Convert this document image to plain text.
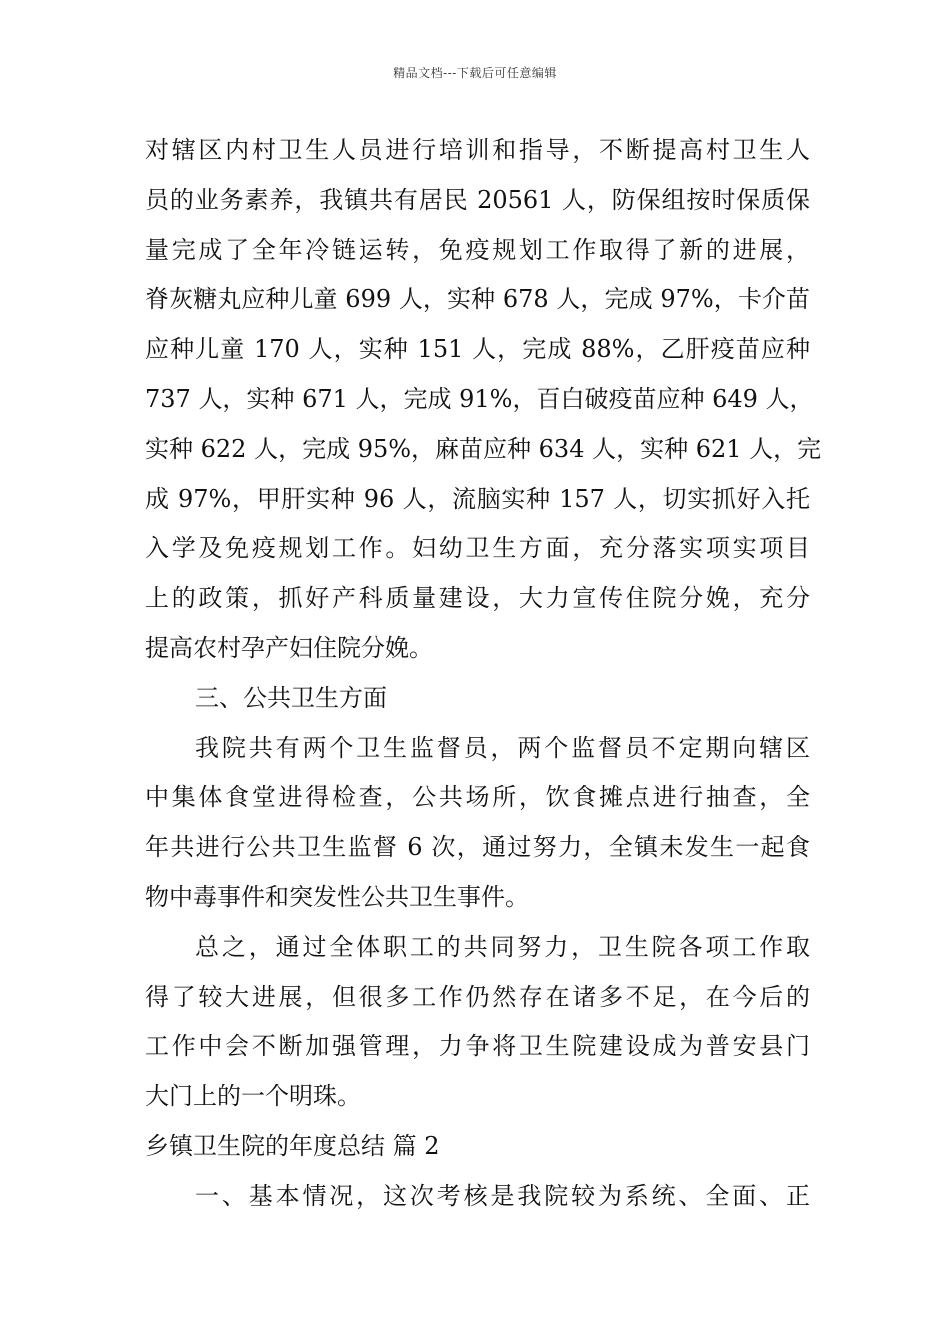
精品文档---下载后可任意编辑
对辖区内村卫生人员进行培训和指导，不断提高村卫生人
员的业务素养，我镇共有居民 20561 人，防保组按时保质保
量完成了全年冷链运转，免疫规划工作取得了新的进展，
脊灰糖丸应种儿童 699 人，实种 678 人，完成 97%，卡介苗
应种儿童 170 人，实种 151 人，完成 88%，乙肝疫苗应种
737 人，实种 671 人，完成 91%，百白破疫苗应种 649 人，
实种 622 人，完成 95%，麻苗应种 634 人，实种 621 人，完
成 97%，甲肝实种 96 人，流脑实种 157 人，切实抓好入托
入学及免疫规划工作。妇幼卫生方面，充分落实项实项目
上的政策，抓好产科质量建设，大力宣传住院分娩，充分
提高农村孕产妇住院分娩。
三、公共卫生方面
我院共有两个卫生监督员，两个监督员不定期向辖区
中集体食堂进得检查，公共场所，饮食摊点进行抽查，全
年共进行公共卫生监督 6 次，通过努力，全镇未发生一起食
物中毒事件和突发性公共卫生事件。
总之，通过全体职工的共同努力，卫生院各项工作取
得了较大进展，但很多工作仍然存在诸多不足，在今后的
工作中会不断加强管理，力争将卫生院建设成为普安县门
大门上的一个明珠。
乡镇卫生院的年度总结 篇 2
一、基本情况，这次考核是我院较为系统、全面、正
